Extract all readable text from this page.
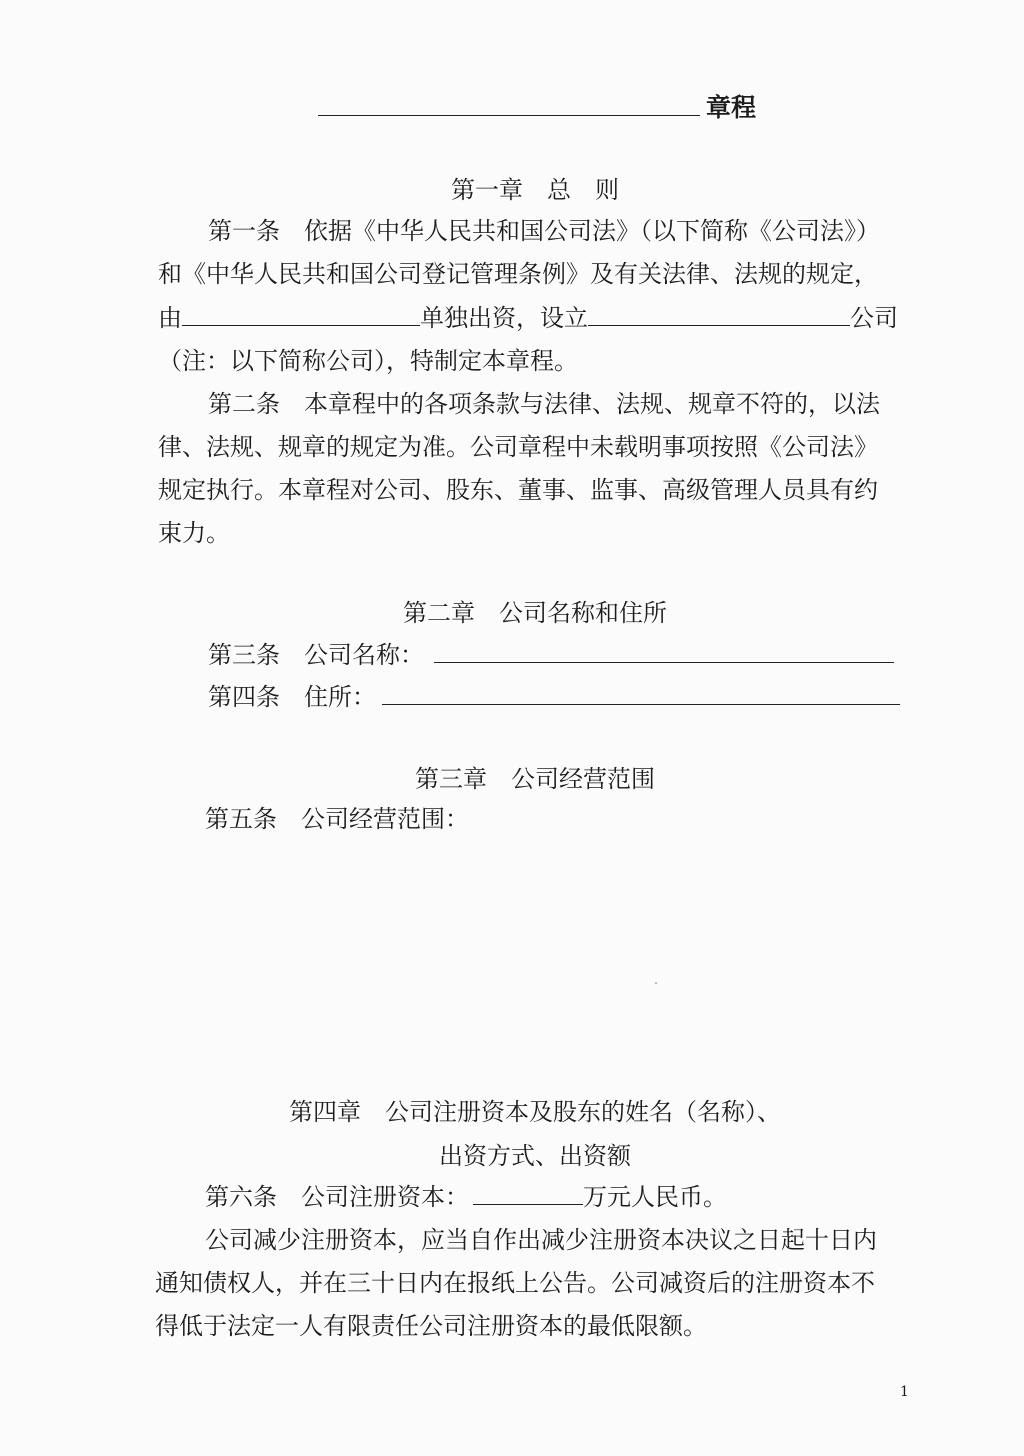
章程
第一章　总　则
第一条　依据《中华人民共和国公司法》（以下简称《公司法》）
和《中华人民共和国公司登记管理条例》及有关法律、法规的规定，
由	单独出资，设立	公司
（注：以下简称公司），特制定本章程。
第二条　本章程中的各项条款与法律、法规、规章不符的，以法
律、法规、规章的规定为准。公司章程中未载明事项按照《公司法》
规定执行。本章程对公司、股东、董事、监事、高级管理人员具有约
束力。
第二章　公司名称和住所
第三条　公司名称：
第四条　住所：
第三章　公司经营范围
第五条　公司经营范围：
第四章　公司注册资本及股东的姓名（名称）、
出资方式、出资额
第六条　公司注册资本：	万元人民币。
公司减少注册资本，应当自作出减少注册资本决议之日起十日内
通知债权人，并在三十日内在报纸上公告。公司减资后的注册资本不
得低于法定一人有限责任公司注册资本的最低限额。
1
